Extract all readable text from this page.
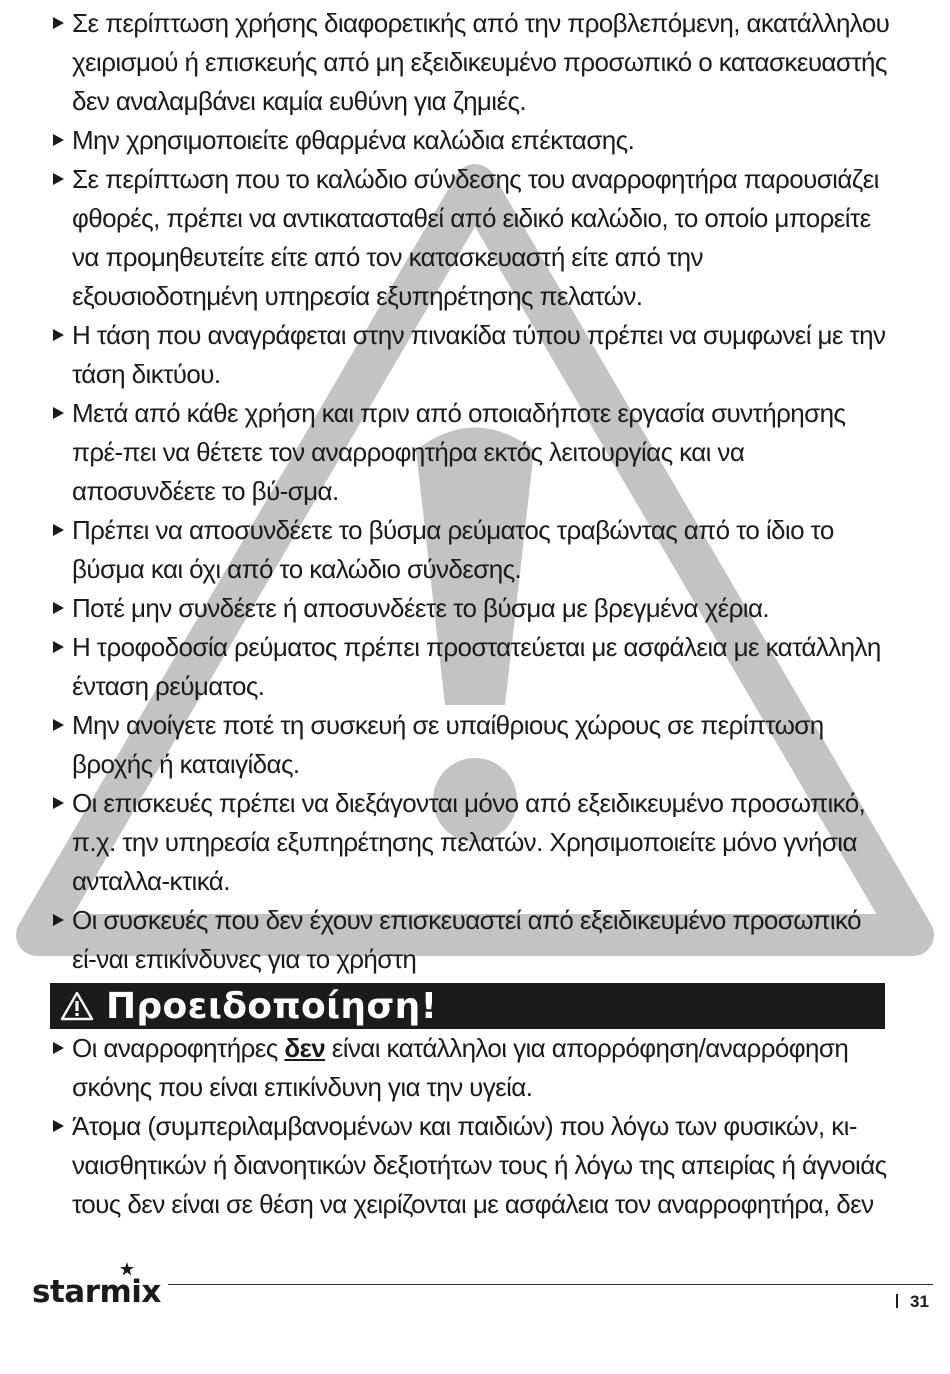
Σε περίπτωση χρήσης διαφορετικής από την προβλεπόμενη, ακατάλληλου χειρισμού ή επισκευής από μη εξειδικευμένο προσωπικό ο κατασκευαστής δεν αναλαμβάνει καμία ευθύνη για ζημιές.
Μην χρησιμοποιείτε φθαρμένα καλώδια επέκτασης.
Σε περίπτωση που το καλώδιο σύνδεσης του αναρροφητήρα παρουσιάζει φθορές, πρέπει να αντικατασταθεί από ειδικό καλώδιο, το οποίο μπορείτε να προμηθευτείτε είτε από τον κατασκευαστή είτε από την εξουσιοδοτημένη υπηρεσία εξυπηρέτησης πελατών.
Η τάση που αναγράφεται στην πινακίδα τύπου πρέπει να συμφωνεί με την τάση δικτύου.
Μετά από κάθε χρήση και πριν από οποιαδήποτε εργασία συντήρησης πρέ-πει να θέτετε τον αναρροφητήρα εκτός λειτουργίας και να αποσυνδέετε το βύ-σμα.
Πρέπει να αποσυνδέετε το βύσμα ρεύματος τραβώντας από το ίδιο το βύσμα και όχι από το καλώδιο σύνδεσης.
Ποτέ μην συνδέετε ή αποσυνδέετε το βύσμα με βρεγμένα χέρια.
Η τροφοδοσία ρεύματος πρέπει προστατεύεται με ασφάλεια με κατάλληλη ένταση ρεύματος.
Μην ανοίγετε ποτέ τη συσκευή σε υπαίθριους χώρους σε περίπτωση βροχής ή καταιγίδας.
Οι επισκευές πρέπει να διεξάγονται μόνο από εξειδικευμένο προσωπικό, π.χ. την υπηρεσία εξυπηρέτησης πελατών. Χρησιμοποιείτε μόνο γνήσια ανταλλα-κτικά.
Οι συσκευές που δεν έχουν επισκευαστεί από εξειδικευμένο προσωπικό εί-ναι επικίνδυνες για το χρήστη
Προειδοποίηση!
Οι αναρροφητήρες δεν είναι κατάλληλοι για απορρόφηση/αναρρόφηση σκόνης που είναι επικίνδυνη για την υγεία.
Άτομα (συμπεριλαμβανομένων και παιδιών) που λόγω των φυσικών, κι-ναισθητικών ή διανοητικών δεξιοτήτων τους ή λόγω της απειρίας ή άγνοιάς τους δεν είναι σε θέση να χειρίζονται με ασφάλεια τον αναρροφητήρα, δεν
starmix	31
